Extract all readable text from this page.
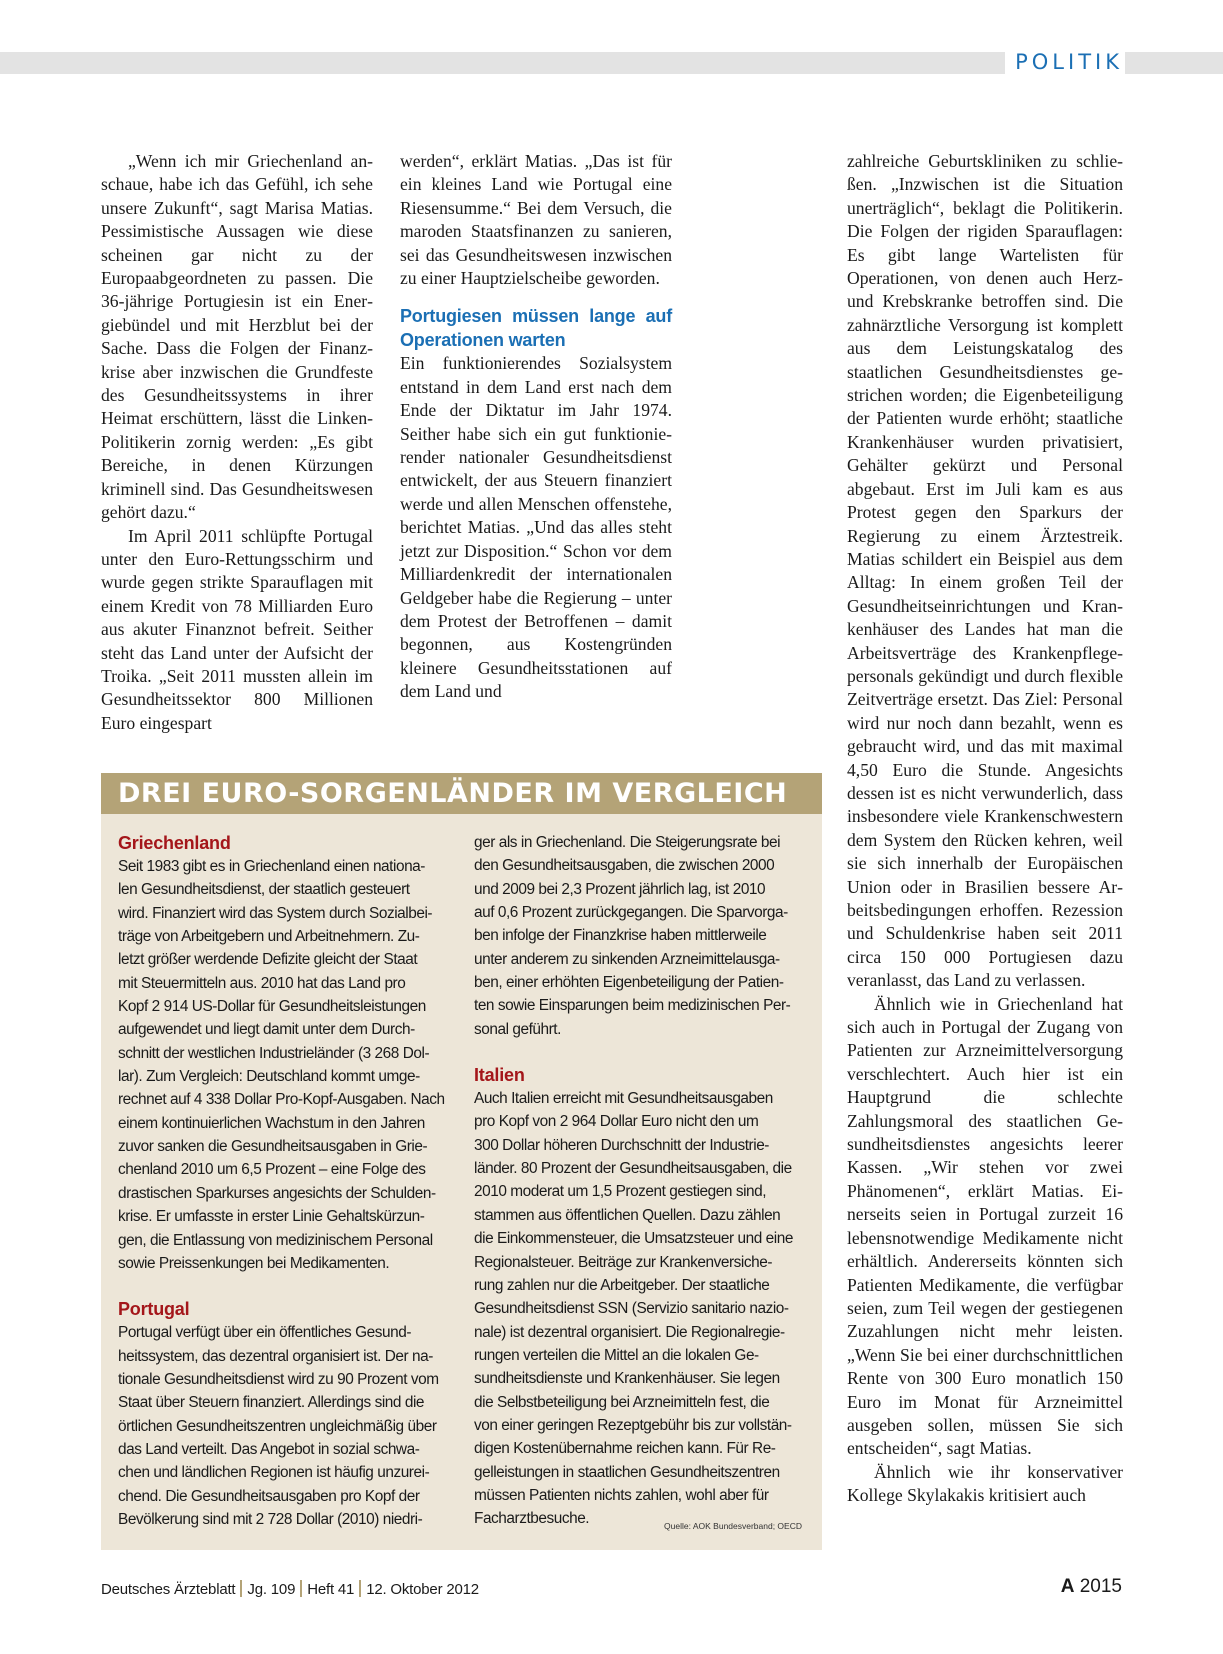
POLITIK

„Wenn ich mir Griechenland anschaue, habe ich das Gefühl, ich sehe unsere Zukunft“, sagt Marisa Matias. Pessimistische Aussagen wie diese scheinen gar nicht zu der Europaabgeordneten zu passen. Die 36-jährige Portugiesin ist ein Energiebündel und mit Herzblut bei der Sache. Dass die Folgen der Finanzkrise aber inzwischen die Grundfeste des Gesundheitssystems in ihrer Heimat erschüttern, lässt die Linken-Politikerin zornig werden: „Es gibt Bereiche, in denen Kürzungen kriminell sind. Das Gesundheitswesen gehört dazu.“

Im April 2011 schlüpfte Portugal unter den Euro-Rettungsschirm und wurde gegen strikte Sparauflagen mit einem Kredit von 78 Milliarden Euro aus akuter Finanznot befreit. Seither steht das Land unter der Aufsicht der Troika. „Seit 2011 mussten allein im Gesundheitssektor 800 Millionen Euro eingespart

werden“, erklärt Matias. „Das ist für ein kleines Land wie Portugal eine Riesensumme.“ Bei dem Versuch, die maroden Staatsfinanzen zu sanieren, sei das Gesundheitswesen inzwischen zu einer Hauptzielscheibe geworden.

Portugiesen müssen lange auf Operationen warten

Ein funktionierendes Sozialsystem entstand in dem Land erst nach dem Ende der Diktatur im Jahr 1974. Seither habe sich ein gut funktionierender nationaler Gesundheitsdienst entwickelt, der aus Steuern finanziert werde und allen Menschen offenstehe, berichtet Matias. „Und das alles steht jetzt zur Disposition.“ Schon vor dem Milliardenkredit der internationalen Geldgeber habe die Regierung – unter dem Protest der Betroffenen – damit begonnen, aus Kostengründen kleinere Gesundheitsstationen auf dem Land und

zahlreiche Geburtskliniken zu schließen. „Inzwischen ist die Situation unerträglich“, beklagt die Politikerin. Die Folgen der rigiden Sparauflagen: Es gibt lange Wartelisten für Operationen, von denen auch Herz- und Krebskranke betroffen sind. Die zahnärztliche Versorgung ist komplett aus dem Leistungskatalog des staatlichen Gesundheitsdienstes gestrichen worden; die Eigenbeteiligung der Patienten wurde erhöht; staatliche Krankenhäuser wurden privatisiert, Gehälter gekürzt und Personal abgebaut. Erst im Juli kam es aus Protest gegen den Sparkurs der Regierung zu einem Ärztestreik. Matias schildert ein Beispiel aus dem Alltag: In einem großen Teil der Gesundheitseinrichtungen und Krankenhäuser des Landes hat man die Arbeitsverträge des Krankenpflegepersonals gekündigt und durch flexible Zeitverträge ersetzt. Das Ziel: Personal wird nur noch dann bezahlt, wenn es gebraucht wird, und das mit maximal 4,50 Euro die Stunde. Angesichts dessen ist es nicht verwunderlich, dass insbesondere viele Krankenschwestern dem System den Rücken kehren, weil sie sich innerhalb der Europäischen Union oder in Brasilien bessere Arbeitsbedingungen erhoffen. Rezession und Schuldenkrise haben seit 2011 circa 150 000 Portugiesen dazu veranlasst, das Land zu verlassen.

Ähnlich wie in Griechenland hat sich auch in Portugal der Zugang von Patienten zur Arzneimittelversorgung verschlechtert. Auch hier ist ein Hauptgrund die schlechte Zahlungsmoral des staatlichen Gesundheitsdienstes angesichts leerer Kassen. „Wir stehen vor zwei Phänomenen“, erklärt Matias. Einerseits seien in Portugal zurzeit 16 lebensnotwendige Medikamente nicht erhältlich. Andererseits könnten sich Patienten Medikamente, die verfügbar seien, zum Teil wegen der gestiegenen Zuzahlungen nicht mehr leisten. „Wenn Sie bei einer durchschnittlichen Rente von 300 Euro monatlich 150 Euro im Monat für Arzneimittel ausgeben sollen, müssen Sie sich entscheiden“, sagt Matias.

Ähnlich wie ihr konservativer Kollege Skylakakis kritisiert auch

DREI EURO-SORGENLÄNDER IM VERGLEICH
Griechenland
Seit 1983 gibt es in Griechenland einen nationa-
len Gesundheitsdienst, der staatlich gesteuert
wird. Finanziert wird das System durch Sozialbei-
träge von Arbeitgebern und Arbeitnehmern. Zu-
letzt größer werdende Defizite gleicht der Staat
mit Steuermitteln aus. 2010 hat das Land pro
Kopf 2 914 US-Dollar für Gesundheitsleistungen
aufgewendet und liegt damit unter dem Durch-
schnitt der westlichen Industrieländer (3 268 Dol-
lar). Zum Vergleich: Deutschland kommt umge-
rechnet auf 4 338 Dollar Pro-Kopf-Ausgaben. Nach
einem kontinuierlichen Wachstum in den Jahren
zuvor sanken die Gesundheitsausgaben in Grie-
chenland 2010 um 6,5 Prozent – eine Folge des
drastischen Sparkurses angesichts der Schulden-
krise. Er umfasste in erster Linie Gehaltskürzun-
gen, die Entlassung von medizinischem Personal
sowie Preissenkungen bei Medikamenten.
Portugal
Portugal verfügt über ein öffentliches Gesund-
heitssystem, das dezentral organisiert ist. Der na-
tionale Gesundheitsdienst wird zu 90 Prozent vom
Staat über Steuern finanziert. Allerdings sind die
örtlichen Gesundheitszentren ungleichmäßig über
das Land verteilt. Das Angebot in sozial schwa-
chen und ländlichen Regionen ist häufig unzurei-
chend. Die Gesundheitsausgaben pro Kopf der
Bevölkerung sind mit 2 728 Dollar (2010) niedri-
ger als in Griechenland. Die Steigerungsrate bei
den Gesundheitsausgaben, die zwischen 2000
und 2009 bei 2,3 Prozent jährlich lag, ist 2010
auf 0,6 Prozent zurückgegangen. Die Sparvorga-
ben infolge der Finanzkrise haben mittlerweile
unter anderem zu sinkenden Arzneimittelausga-
ben, einer erhöhten Eigenbeteiligung der Patien-
ten sowie Einsparungen beim medizinischen Per-
sonal geführt.
Italien
Auch Italien erreicht mit Gesundheitsausgaben
pro Kopf von 2 964 Dollar Euro nicht den um
300 Dollar höheren Durchschnitt der Industrie-
länder. 80 Prozent der Gesundheitsausgaben, die
2010 moderat um 1,5 Prozent gestiegen sind,
stammen aus öffentlichen Quellen. Dazu zählen
die Einkommensteuer, die Umsatzsteuer und eine
Regionalsteuer. Beiträge zur Krankenversiche-
rung zahlen nur die Arbeitgeber. Der staatliche
Gesundheitsdienst SSN (Servizio sanitario nazio-
nale) ist dezentral organisiert. Die Regionalregie-
rungen verteilen die Mittel an die lokalen Ge-
sundheitsdienste und Krankenhäuser. Sie legen
die Selbstbeteiligung bei Arzneimitteln fest, die
von einer geringen Rezeptgebühr bis zur vollstän-
digen Kostenübernahme reichen kann. Für Re-
gelleistungen in staatlichen Gesundheitszentren
müssen Patienten nichts zahlen, wohl aber für
Facharztbesuche.	Quelle: AOK Bundesverband; OECD
Deutsches Ärzteblatt Jg. 109 Heft 41 12. Oktober 2012	A 2015
